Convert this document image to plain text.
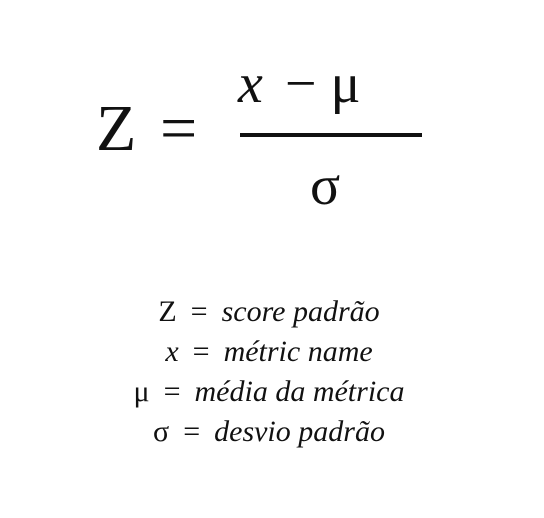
Z =
x − μ
σ
Z = score padrão
x = métric name
μ = média da métrica
σ = desvio padrão
